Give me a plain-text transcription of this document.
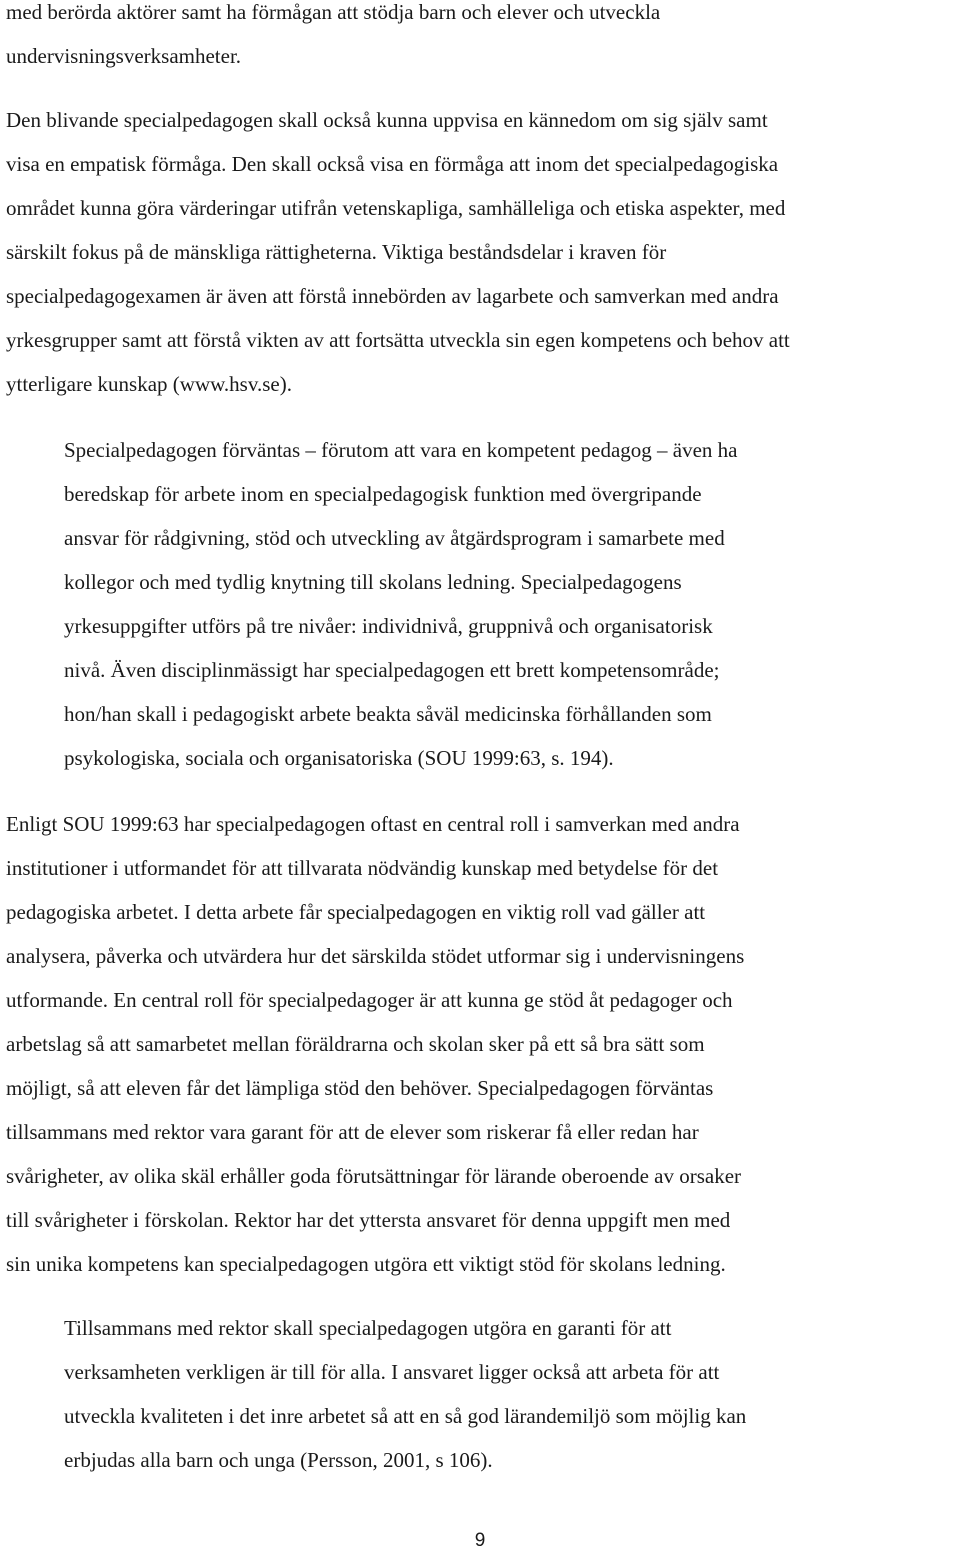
med berörda aktörer samt ha förmågan att stödja barn och elever och utveckla
undervisningsverksamheter.

Den blivande specialpedagogen skall också kunna uppvisa en kännedom om sig själv samt
visa en empatisk förmåga. Den skall också visa en förmåga att inom det specialpedagogiska
området kunna göra värderingar utifrån vetenskapliga, samhälleliga och etiska aspekter, med
särskilt fokus på de mänskliga rättigheterna. Viktiga beståndsdelar i kraven för
specialpedagogexamen är även att förstå innebörden av lagarbete och samverkan med andra
yrkesgrupper samt att förstå vikten av att fortsätta utveckla sin egen kompetens och behov att
ytterligare kunskap (www.hsv.se).

Specialpedagogen förväntas – förutom att vara en kompetent pedagog – även ha
beredskap för arbete inom en specialpedagogisk funktion med övergripande
ansvar för rådgivning, stöd och utveckling av åtgärdsprogram i samarbete med
kollegor och med tydlig knytning till skolans ledning. Specialpedagogens
yrkesuppgifter utförs på tre nivåer: individnivå, gruppnivå och organisatorisk
nivå. Även disciplinmässigt har specialpedagogen ett brett kompetensområde;
hon/han skall i pedagogiskt arbete beakta såväl medicinska förhållanden som
psykologiska, sociala och organisatoriska (SOU 1999:63, s. 194).

Enligt SOU 1999:63 har specialpedagogen oftast en central roll i samverkan med andra
institutioner i utformandet för att tillvarata nödvändig kunskap med betydelse för det
pedagogiska arbetet. I detta arbete får specialpedagogen en viktig roll vad gäller att
analysera, påverka och utvärdera hur det särskilda stödet utformar sig i undervisningens
utformande. En central roll för specialpedagoger är att kunna ge stöd åt pedagoger och
arbetslag så att samarbetet mellan föräldrarna och skolan sker på ett så bra sätt som
möjligt, så att eleven får det lämpliga stöd den behöver. Specialpedagogen förväntas
tillsammans med rektor vara garant för att de elever som riskerar få eller redan har
svårigheter, av olika skäl erhåller goda förutsättningar för lärande oberoende av orsaker
till svårigheter i förskolan. Rektor har det yttersta ansvaret för denna uppgift men med
sin unika kompetens kan specialpedagogen utgöra ett viktigt stöd för skolans ledning.

Tillsammans med rektor skall specialpedagogen utgöra en garanti för att
verksamheten verkligen är till för alla. I ansvaret ligger också att arbeta för att
utveckla kvaliteten i det inre arbetet så att en så god lärandemiljö som möjlig kan
erbjudas alla barn och unga (Persson, 2001, s 106).

9
